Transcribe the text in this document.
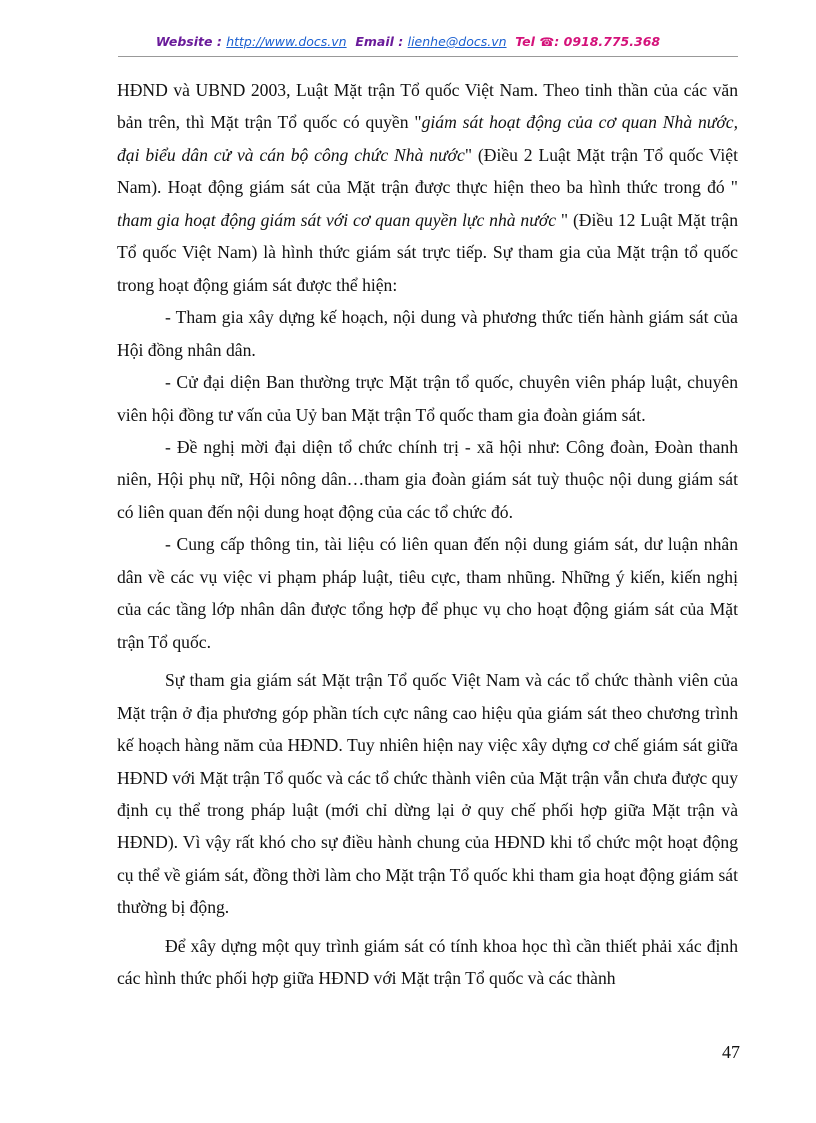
Website : http://www.docs.vn Email : lienhe@docs.vn Tel ☎: 0918.775.368

HĐND và UBND 2003, Luật Mặt trận Tổ quốc Việt Nam. Theo tinh thần của các văn bản trên, thì Mặt trận Tổ quốc có quyền "giám sát hoạt động của cơ quan Nhà nước, đại biểu dân cử và cán bộ công chức Nhà nước" (Điều 2 Luật Mặt trận Tổ quốc Việt Nam). Hoạt động giám sát của Mặt trận được thực hiện theo ba hình thức trong đó " tham gia hoạt động giám sát với cơ quan quyền lực nhà nước " (Điều 12 Luật Mặt trận Tổ quốc Việt Nam) là hình thức giám sát trực tiếp. Sự tham gia của Mặt trận tổ quốc trong hoạt động giám sát được thể hiện:

- Tham gia xây dựng kế hoạch, nội dung và phương thức tiến hành giám sát của Hội đồng nhân dân.

- Cử đại diện Ban thường trực Mặt trận tổ quốc, chuyên viên pháp luật, chuyên viên hội đồng tư vấn của Uỷ ban Mặt trận Tổ quốc tham gia đoàn giám sát.

- Đề nghị mời đại diện tổ chức chính trị - xã hội như: Công đoàn, Đoàn thanh niên, Hội phụ nữ, Hội nông dân…tham gia đoàn giám sát tuỳ thuộc nội dung giám sát có liên quan đến nội dung hoạt động của các tổ chức đó.

- Cung cấp thông tin, tài liệu có liên quan đến nội dung giám sát, dư luận nhân dân về các vụ việc vi phạm pháp luật, tiêu cực, tham nhũng. Những ý kiến, kiến nghị của các tầng lớp nhân dân được tổng hợp để phục vụ cho hoạt động giám sát của Mặt trận Tổ quốc.

Sự tham gia giám sát Mặt trận Tổ quốc Việt Nam và các tổ chức thành viên của Mặt trận ở địa phương góp phần tích cực nâng cao hiệu qủa giám sát theo chương trình kế hoạch hàng năm của HĐND. Tuy nhiên hiện nay việc xây dựng cơ chế giám sát giữa HĐND với Mặt trận Tổ quốc và các tổ chức thành viên của Mặt trận vẫn chưa được quy định cụ thể trong pháp luật (mới chỉ dừng lại ở quy chế phối hợp giữa Mặt trận và HĐND). Vì vậy rất khó cho sự điều hành chung của HĐND khi tổ chức một hoạt động cụ thể về giám sát, đồng thời làm cho Mặt trận Tổ quốc khi tham gia hoạt động giám sát thường bị động.

Để xây dựng một quy trình giám sát có tính khoa học thì cần thiết phải xác định các hình thức phối hợp giữa HĐND với Mặt trận Tổ quốc và các thành

47
